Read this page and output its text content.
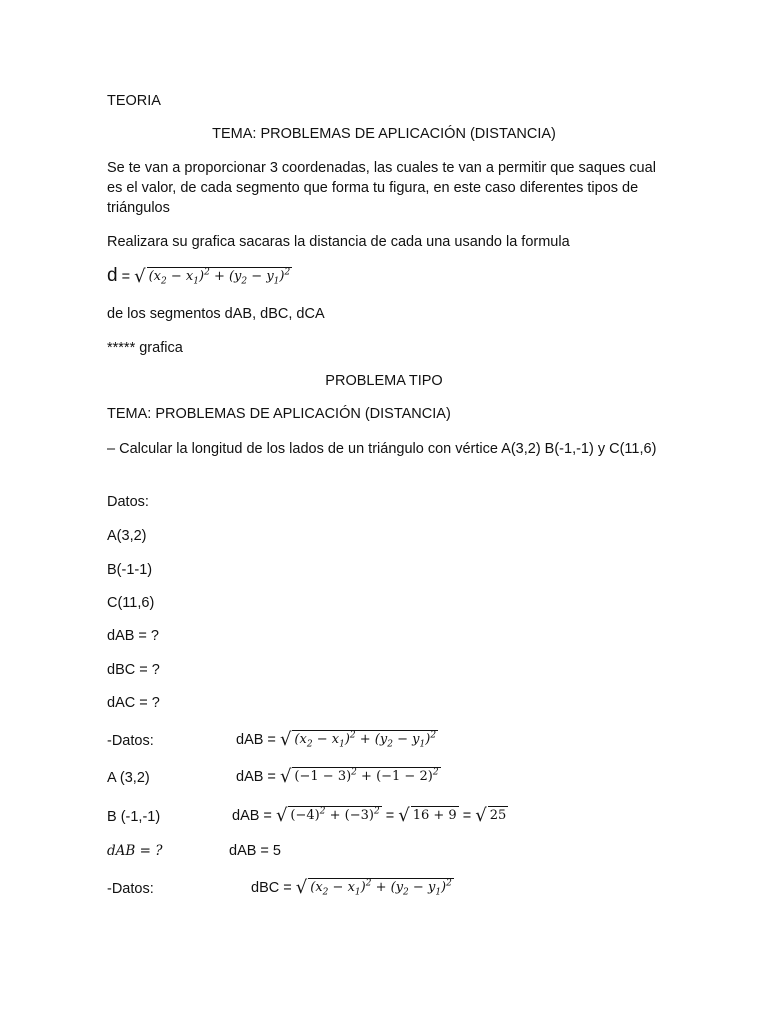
TEORIA
TEMA: PROBLEMAS DE APLICACIÓN (DISTANCIA)
Se te van a proporcionar 3 coordenadas, las cuales te van a permitir que saques cual es el valor, de cada segmento que forma tu figura, en este caso diferentes tipos de triángulos
Realizara su grafica sacaras la distancia de cada una usando la formula
d = √ $(x_2 - x_1)^2 + (y_2 - y_1)^2$
de los segmentos dAB, dBC, dCA
***** grafica
PROBLEMA TIPO
TEMA: PROBLEMAS DE APLICACIÓN (DISTANCIA)
– Calcular la longitud de los lados de un triángulo con vértice A(3,2) B(-1,-1) y C(11,6)
Datos:
A(3,2)
B(-1-1)
C(11,6)
dAB = ?
dBC = ?
dAC = ?
-Datos:	dAB = √ $(x_2 - x_1)^2 + (y_2 - y_1)^2$
A (3,2)	dAB = √ $(-1 - 3)^2 + (-1 - 2)^2$
B (-1,-1)	dAB = √ $(-4)^2 + (-3)^2$ = √ 16 + 9 = √ 25
dAB = ?	dAB = 5
-Datos:	dBC = √ $(x_2 - x_1)^2 + (y_2 - y_1)^2$
